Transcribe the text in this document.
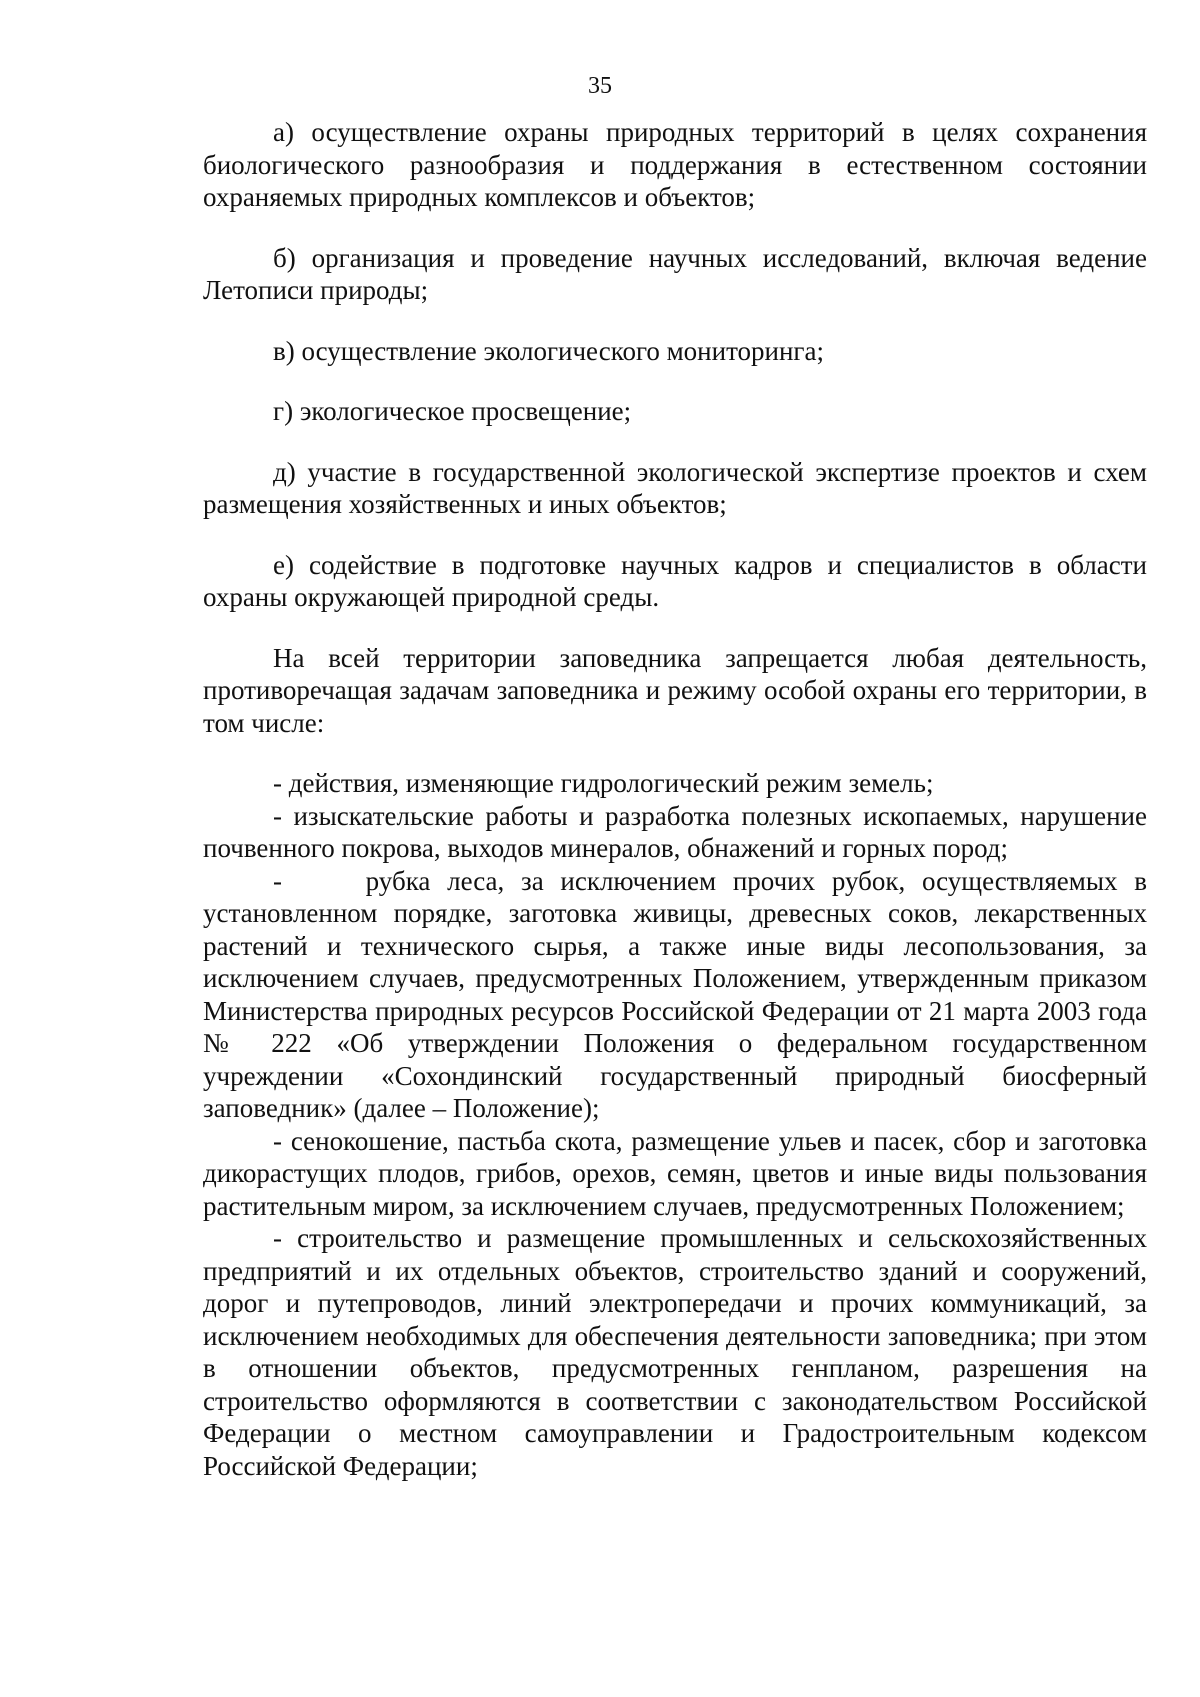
35

а) осуществление охраны природных территорий в целях сохранения биологического разнообразия и поддержания в естественном состоянии охраняемых природных комплексов и объектов;

б) организация и проведение научных исследований, включая ведение Летописи природы;

в) осуществление экологического мониторинга;

г) экологическое просвещение;

д) участие в государственной экологической экспертизе проектов и схем размещения хозяйственных и иных объектов;

е) содействие в подготовке научных кадров и специалистов в области охраны окружающей природной среды.

На всей территории заповедника запрещается любая деятельность, противоречащая задачам заповедника и режиму особой охраны его территории, в том числе:

- действия, изменяющие гидрологический режим земель;

- изыскательские работы и разработка полезных ископаемых, нарушение почвенного покрова, выходов минералов, обнажений и горных пород;

-     рубка леса, за исключением прочих рубок, осуществляемых в установленном порядке, заготовка живицы, древесных соков, лекарственных растений и технического сырья, а также иные виды лесопользования, за исключением случаев, предусмотренных Положением, утвержденным приказом Министерства природных ресурсов Российской Федерации от 21 марта 2003 года № 222 «Об утверждении Положения о федеральном государственном учреждении «Сохондинский государственный природный биосферный заповедник» (далее – Положение);

- сенокошение, пастьба скота, размещение ульев и пасек, сбор и заготовка дикорастущих плодов, грибов, орехов, семян, цветов и иные виды пользования растительным миром, за исключением случаев, предусмотренных Положением;

- строительство и размещение промышленных и сельскохозяйственных предприятий и их отдельных объектов, строительство зданий и сооружений, дорог и путепроводов, линий электропередачи и прочих коммуникаций, за исключением необходимых для обеспечения деятельности заповедника; при этом в отношении объектов, предусмотренных генпланом, разрешения на строительство оформляются в соответствии с законодательством Российской Федерации о местном самоуправлении и Градостроительным кодексом Российской Федерации;
